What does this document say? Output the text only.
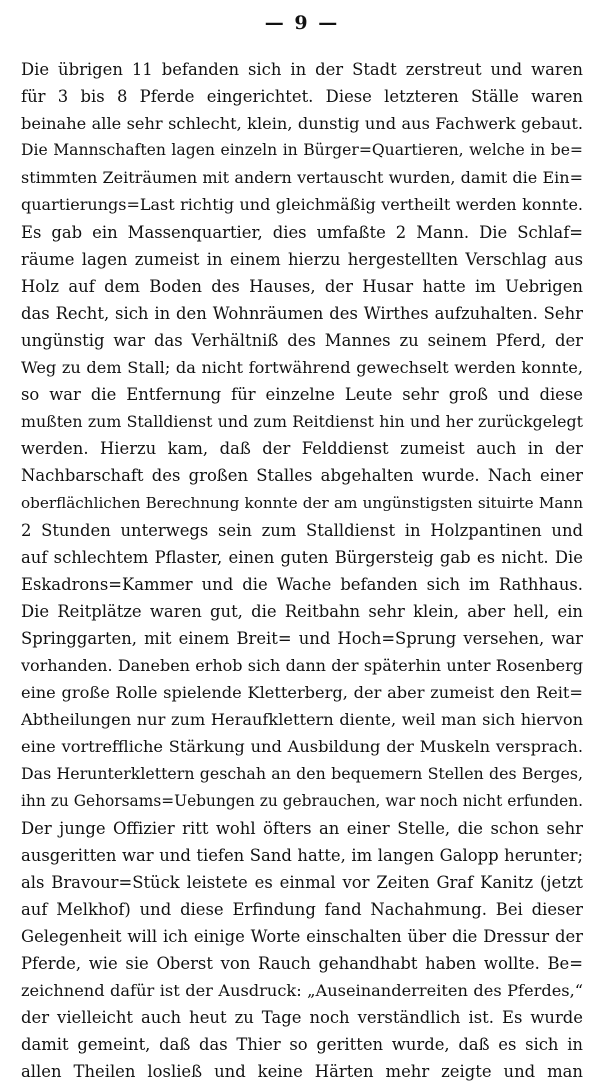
— 9 —
Die übrigen 11 befanden sich in der Stadt zerstreut und waren
für 3 bis 8 Pferde eingerichtet. Diese letzteren Ställe waren
beinahe alle sehr schlecht, klein, dunstig und aus Fachwerk gebaut.
Die Mannschaften lagen einzeln in Bürger=Quartieren, welche in be=
stimmten Zeiträumen mit andern vertauscht wurden, damit die Ein=
quartierungs=Last richtig und gleichmäßig vertheilt werden konnte.
Es gab ein Massenquartier, dies umfaßte 2 Mann. Die Schlaf=
räume lagen zumeist in einem hierzu hergestellten Verschlag aus
Holz auf dem Boden des Hauses, der Husar hatte im Uebrigen
das Recht, sich in den Wohnräumen des Wirthes aufzuhalten. Sehr
ungünstig war das Verhältniß des Mannes zu seinem Pferd, der
Weg zu dem Stall; da nicht fortwährend gewechselt werden konnte,
so war die Entfernung für einzelne Leute sehr groß und diese
mußten zum Stalldienst und zum Reitdienst hin und her zurückgelegt
werden. Hierzu kam, daß der Felddienst zumeist auch in der
Nachbarschaft des großen Stalles abgehalten wurde. Nach einer
oberflächlichen Berechnung konnte der am ungünstigsten situirte Mann
2 Stunden unterwegs sein zum Stalldienst in Holzpantinen und
auf schlechtem Pflaster, einen guten Bürgersteig gab es nicht. Die
Eskadrons=Kammer und die Wache befanden sich im Rathhaus.
Die Reitplätze waren gut, die Reitbahn sehr klein, aber hell, ein
Springgarten, mit einem Breit= und Hoch=Sprung versehen, war
vorhanden. Daneben erhob sich dann der späterhin unter Rosenberg
eine große Rolle spielende Kletterberg, der aber zumeist den Reit=
Abtheilungen nur zum Heraufklettern diente, weil man sich hiervon
eine vortreffliche Stärkung und Ausbildung der Muskeln versprach.
Das Herunterklettern geschah an den bequemern Stellen des Berges,
ihn zu Gehorsams=Uebungen zu gebrauchen, war noch nicht erfunden.
Der junge Offizier ritt wohl öfters an einer Stelle, die schon sehr
ausgeritten war und tiefen Sand hatte, im langen Galopp herunter;
als Bravour=Stück leistete es einmal vor Zeiten Graf Kanitz (jetzt
auf Melkhof) und diese Erfindung fand Nachahmung. Bei dieser
Gelegenheit will ich einige Worte einschalten über die Dressur der
Pferde, wie sie Oberst von Rauch gehandhabt haben wollte. Be=
zeichnend dafür ist der Ausdruck: „Auseinanderreiten des Pferdes,“
der vielleicht auch heut zu Tage noch verständlich ist. Es wurde
damit gemeint, daß das Thier so geritten wurde, daß es sich in
allen Theilen losließ und keine Härten mehr zeigte und man
